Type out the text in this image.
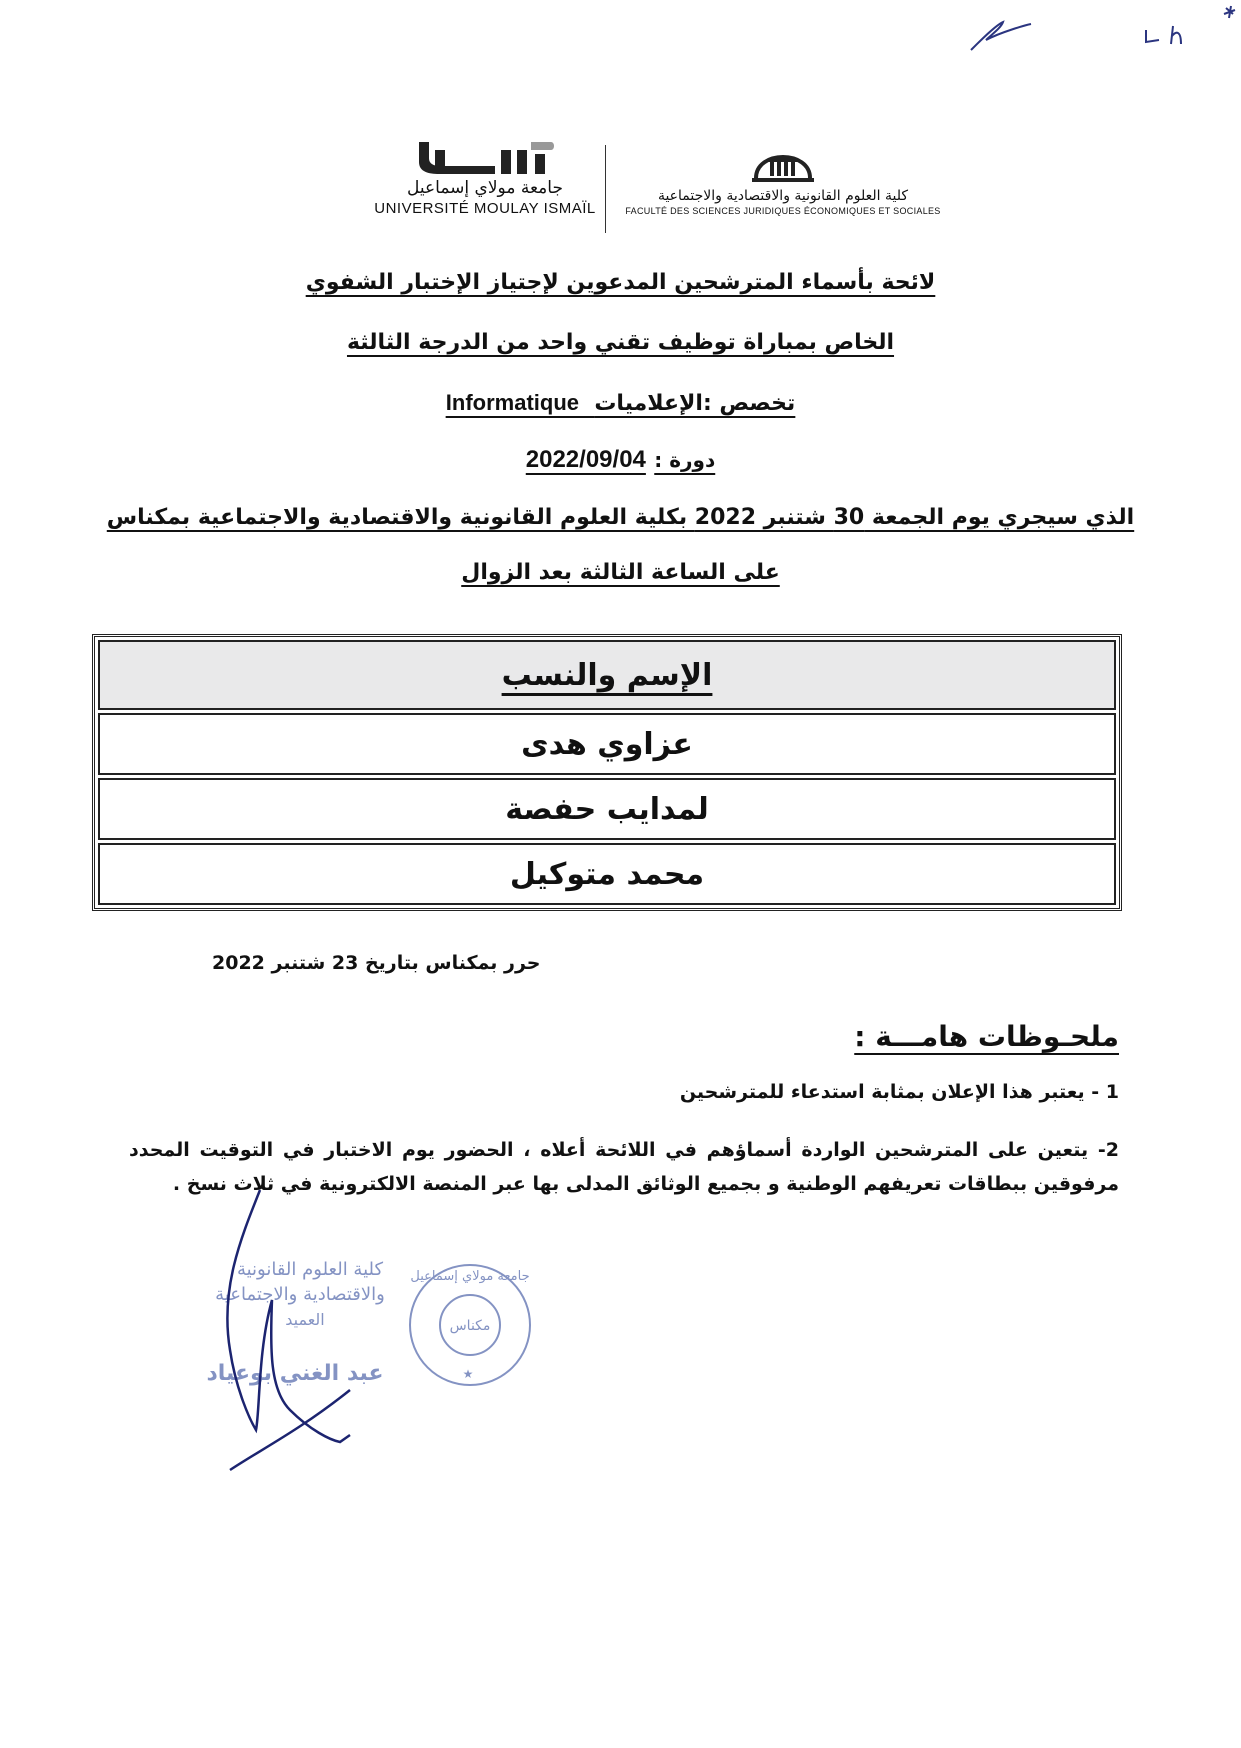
جامعة مولاي إسماعيل
UNIVERSITÉ MOULAY ISMAÏL
كلية العلوم القانونية والاقتصادية والاجتماعية
FACULTÉ DES SCIENCES JURIDIQUES ÉCONOMIQUES ET SOCIALES
لائحة بأسماء المترشحين المدعوين لإجتياز الإختبار الشفوي
الخاص بمباراة توظيف تقني واحد من الدرجة الثالثة
تخصص :الإعلاميات  Informatique
دورة : 2022/09/04
الذي سيجري يوم الجمعة 30 شتنبر 2022 بكلية العلوم القانونية والاقتصادية والاجتماعية بمكناس
على الساعة الثالثة بعد الزوال
الإسم والنسب
عزاوي هدى
لمدايب حفصة
محمد متوكيل
حرر بمكناس بتاريخ 23 شتنبر 2022
ملحـوظات هامـــة :
1 - يعتبر هذا الإعلان بمثابة استدعاء للمترشحين
2- يتعين على المترشحين الواردة أسماؤهم في اللائحة أعلاه ، الحضور يوم الاختبار في التوقيت المحدد مرفوقين ببطاقات تعريفهم الوطنية و بجميع الوثائق المدلى بها عبر المنصة الالكترونية في ثلاث نسخ .
كلية العلوم القانونية
والاقتصادية والاجتماعية
العميد
عبد الغني بوعياد
مكناس
جامعة مولاي إسماعيل
★
